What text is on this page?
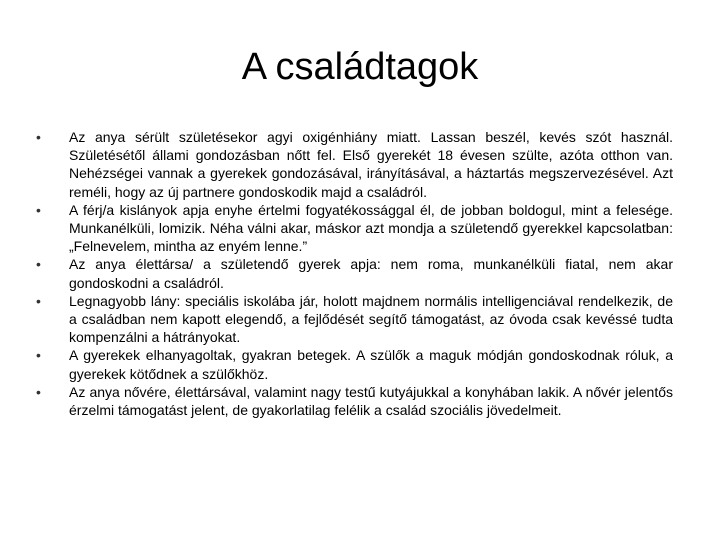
A családtagok
•	Az anya sérült születésekor agyi oxigénhiány miatt. Lassan beszél, kevés szót használ. Születésétől állami gondozásban nőtt fel. Első gyerekét 18 évesen szülte, azóta otthon van. Nehézségei vannak a gyerekek gondozásával, irányításával, a háztartás megszervezésével. Azt reméli, hogy az új partnere gondoskodik majd a családról.
•	A férj/a kislányok apja enyhe értelmi fogyatékossággal él, de jobban boldogul, mint a felesége. Munkanélküli, lomizik. Néha válni akar, máskor azt mondja a születendő gyerekkel kapcsolatban: „Felnevelem, mintha az enyém lenne.”
•	Az anya élettársa/ a születendő gyerek apja: nem roma, munkanélküli fiatal, nem akar gondoskodni a családról.
•	Legnagyobb lány: speciális iskolába jár, holott majdnem normális intelligenciával rendelkezik, de a családban nem kapott elegendő, a fejlődését segítő támogatást, az óvoda csak kevéssé tudta kompenzálni a hátrányokat.
•	A gyerekek elhanyagoltak, gyakran betegek. A szülők a maguk módján gondoskodnak róluk, a gyerekek kötődnek a szülőkhöz.
•	Az anya nővére, élettársával, valamint nagy testű kutyájukkal a konyhában lakik. A nővér jelentős érzelmi támogatást jelent, de gyakorlatilag felélik a család szociális jövedelmeit.
